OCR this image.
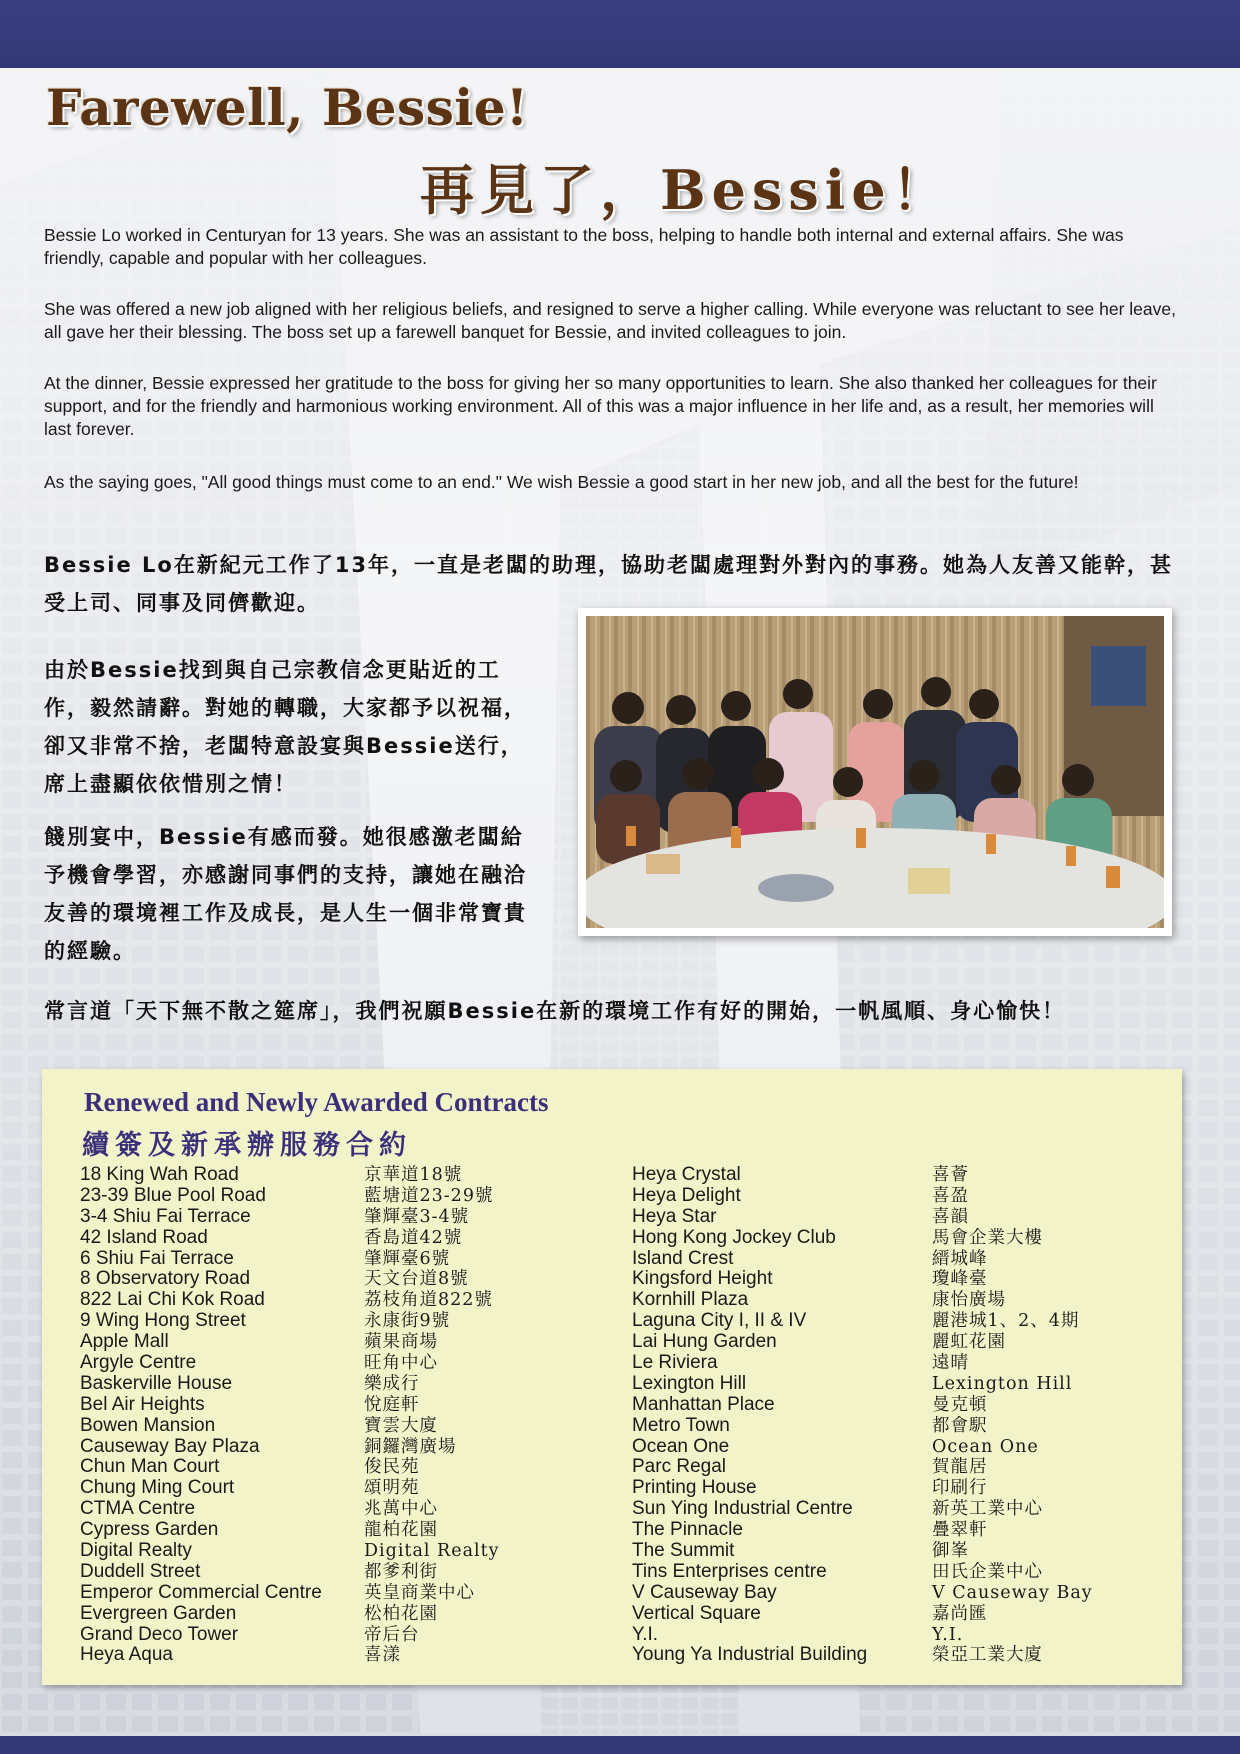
Farewell, Bessie!
再見了，Bessie！

Bessie Lo worked in Centuryan for 13 years. She was an assistant to the boss, helping to handle both internal and external affairs. She was friendly, capable and popular with her colleagues.

She was offered a new job aligned with her religious beliefs, and resigned to serve a higher calling. While everyone was reluctant to see her leave, all gave her their blessing. The boss set up a farewell banquet for Bessie, and invited colleagues to join.

At the dinner, Bessie expressed her gratitude to the boss for giving her so many opportunities to learn. She also thanked her colleagues for their support, and for the friendly and harmonious working environment. All of this was a major influence in her life and, as a result, her memories will last forever.

As the saying goes, "All good things must come to an end." We wish Bessie a good start in her new job, and all the best for the future!

Bessie Lo在新紀元工作了13年，一直是老闆的助理，協助老闆處理對外對內的事務。她為人友善又能幹，甚受上司、同事及同儕歡迎。

由於Bessie找到與自己宗教信念更貼近的工作，毅然請辭。對她的轉職，大家都予以祝福，卻又非常不捨，老闆特意設宴與Bessie送行，席上盡顯依依惜別之情！

餞別宴中，Bessie有感而發。她很感激老闆給予機會學習，亦感謝同事們的支持，讓她在融洽友善的環境裡工作及成長，是人生一個非常寶貴的經驗。

常言道「天下無不散之筵席」，我們祝願Bessie在新的環境工作有好的開始，一帆風順、身心愉快！

Renewed and Newly Awarded Contracts
續簽及新承辦服務合約
18 King Wah Road
23-39 Blue Pool Road
3-4 Shiu Fai Terrace
42 Island Road
6 Shiu Fai Terrace
8 Observatory Road
822 Lai Chi Kok Road
9 Wing Hong Street
Apple Mall
Argyle Centre
Baskerville House
Bel Air Heights
Bowen Mansion
Causeway Bay Plaza
Chun Man Court
Chung Ming Court
CTMA Centre
Cypress Garden
Digital Realty
Duddell Street
Emperor Commercial Centre
Evergreen Garden
Grand Deco Tower
Heya Aqua
京華道18號
藍塘道23-29號
肇輝臺3-4號
香島道42號
肇輝臺6號
天文台道8號
荔枝角道822號
永康街9號
蘋果商場
旺角中心
樂成行
悅庭軒
寶雲大廈
銅鑼灣廣場
俊民苑
頌明苑
兆萬中心
龍柏花園
Digital Realty
都爹利街
英皇商業中心
松柏花園
帝后台
喜漾
Heya Crystal
Heya Delight
Heya Star
Hong Kong Jockey Club
Island Crest
Kingsford Height
Kornhill Plaza
Laguna City I, II & IV
Lai Hung Garden
Le Riviera
Lexington Hill
Manhattan Place
Metro Town
Ocean One
Parc Regal
Printing House
Sun Ying Industrial Centre
The Pinnacle
The Summit
Tins Enterprises centre
V Causeway Bay
Vertical Square
Y.I.
Young Ya Industrial Building
喜薈
喜盈
喜韻
馬會企業大樓
縉城峰
瓊峰臺
康怡廣場
麗港城1、2、4期
麗虹花園
遠晴
Lexington Hill
曼克頓
都會駅
Ocean One
賀龍居
印刷行
新英工業中心
疊翠軒
御峯
田氏企業中心
V Causeway Bay
嘉尚匯
Y.I.
榮亞工業大廈
